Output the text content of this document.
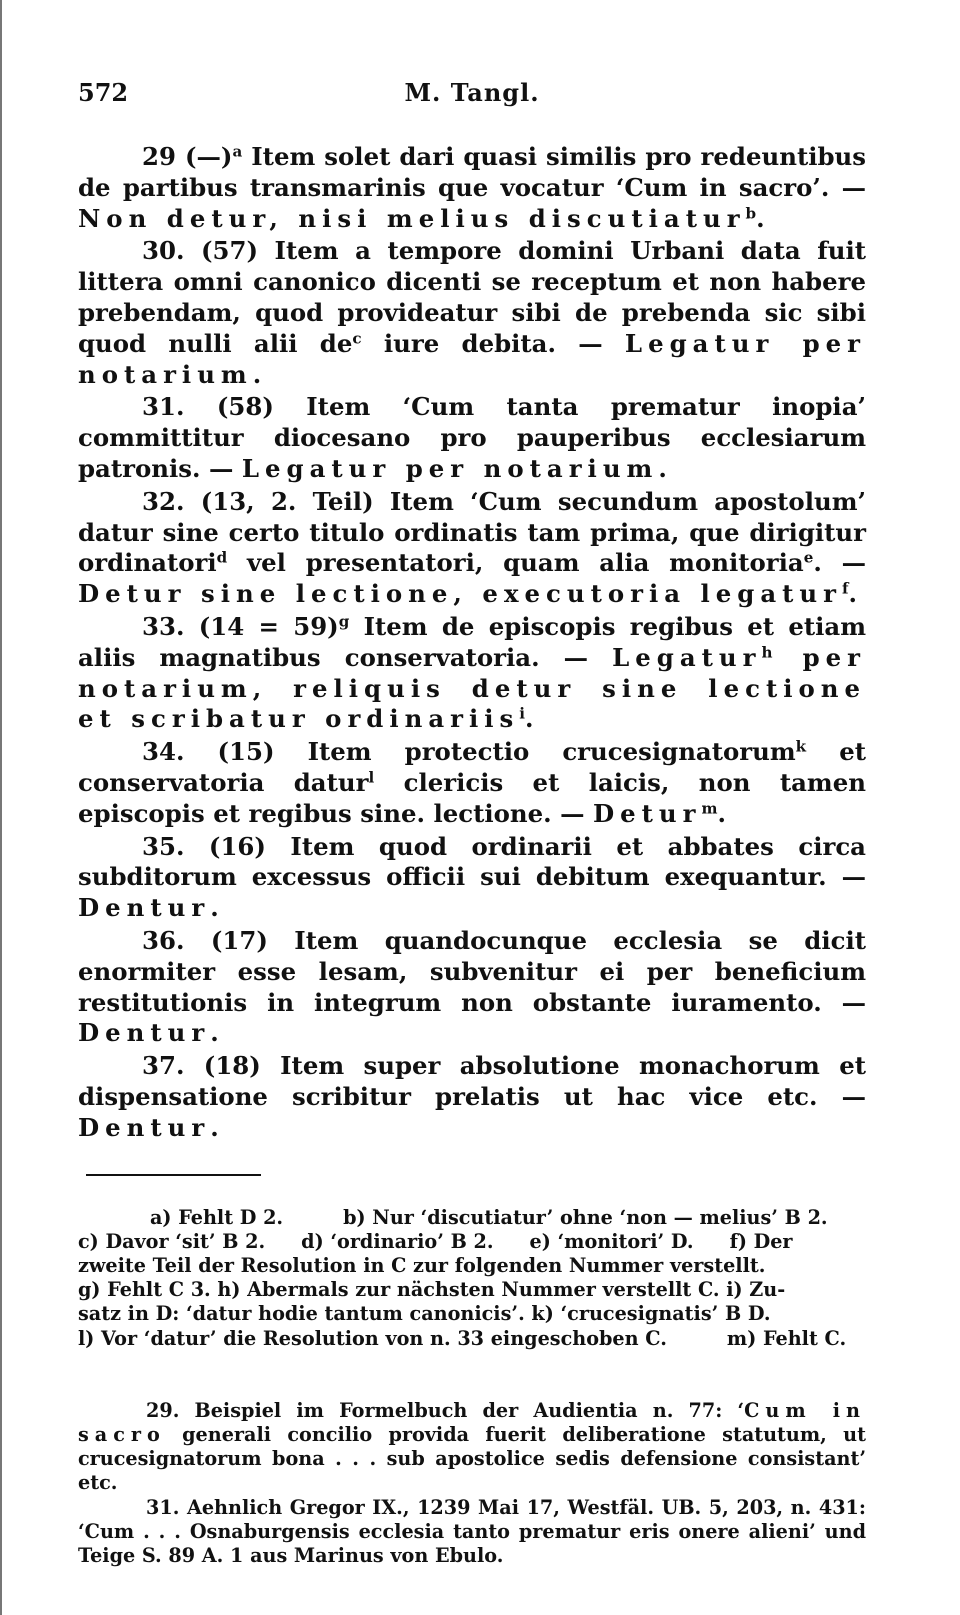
572	M. Tangl.

29 (—)$^a$ Item solet dari quasi similis pro redeuntibus de partibus transmarinis que vocatur ‘Cum in sacro’. — Non detur, nisi melius discutiatur$^b$.

30. (57) Item a tempore domini Urbani data fuit littera omni canonico dicenti se receptum et non habere prebendam, quod provideatur sibi de prebenda sic sibi quod nulli alii $de^c$ iure debita. — Legatur per notarium.

31. (58) Item ‘Cum tanta prematur inopia’ committitur diocesano pro pauperibus ecclesiarum patronis. — Legatur per notarium.

32. (13, 2. Teil) Item ‘Cum secundum apostolum’ datur sine certo titulo ordinatis tam prima, que dirigitur ordinatori$^d$ vel presentatori, quam alia monitoria$^e$. — Detur sine lectione, executoria legatur$^f$.

33. (14 = 59)$^g$ Item de episcopis regibus et etiam aliis magnatibus conservatoria. — Legatur$^h$ per notarium, reliquis detur sine lectione et scribatur ordinariis$^i$.

34. (15) Item protectio crucesignatorum$^k$ et conservatoria datur$^l$ clericis et laicis, non tamen episcopis et regibus sine. lectione. — Detur$^m$.

35. (16) Item quod ordinarii et abbates circa subditorum excessus officii sui debitum exequantur. — Dentur.

36. (17) Item quandocunque ecclesia se dicit enormiter esse lesam, subvenitur ei per beneficium restitutionis in integrum non obstante iuramento. — Dentur.

37. (18) Item super absolutione monachorum et dispensatione scribitur prelatis ut hac vice etc. — Dentur.

a) Fehlt D 2.	b) Nur ‘discutiatur’ ohne ‘non — melius’ B 2.
c) Davor ‘sit’ B 2. d) ‘ordinario’ B 2. e) ‘monitori’ D. f) Der
zweite Teil der Resolution in C zur folgenden Nummer verstellt.
g) Fehlt C 3. h) Abermals zur nächsten Nummer verstellt C. i) Zu-
satz in D: ‘datur hodie tantum canonicis’. k) ‘crucesignatis’ B D.
l) Vor ‘datur’ die Resolution von n. 33 eingeschoben C.	m) Fehlt C.

29. Beispiel im Formelbuch der Audientia n. 77: ‘Cum in sacro generali concilio provida fuerit deliberatione statutum, ut crucesignatorum bona . . . sub apostolice sedis defensione consistant’ etc.

31. Aehnlich Gregor IX., 1239 Mai 17, Westfäl. UB. 5, 203, n. 431: ‘Cum . . . Osnaburgensis ecclesia tanto prematur eris onere alieni’ und Teige S. 89 A. 1 aus Marinus von Ebulo.
